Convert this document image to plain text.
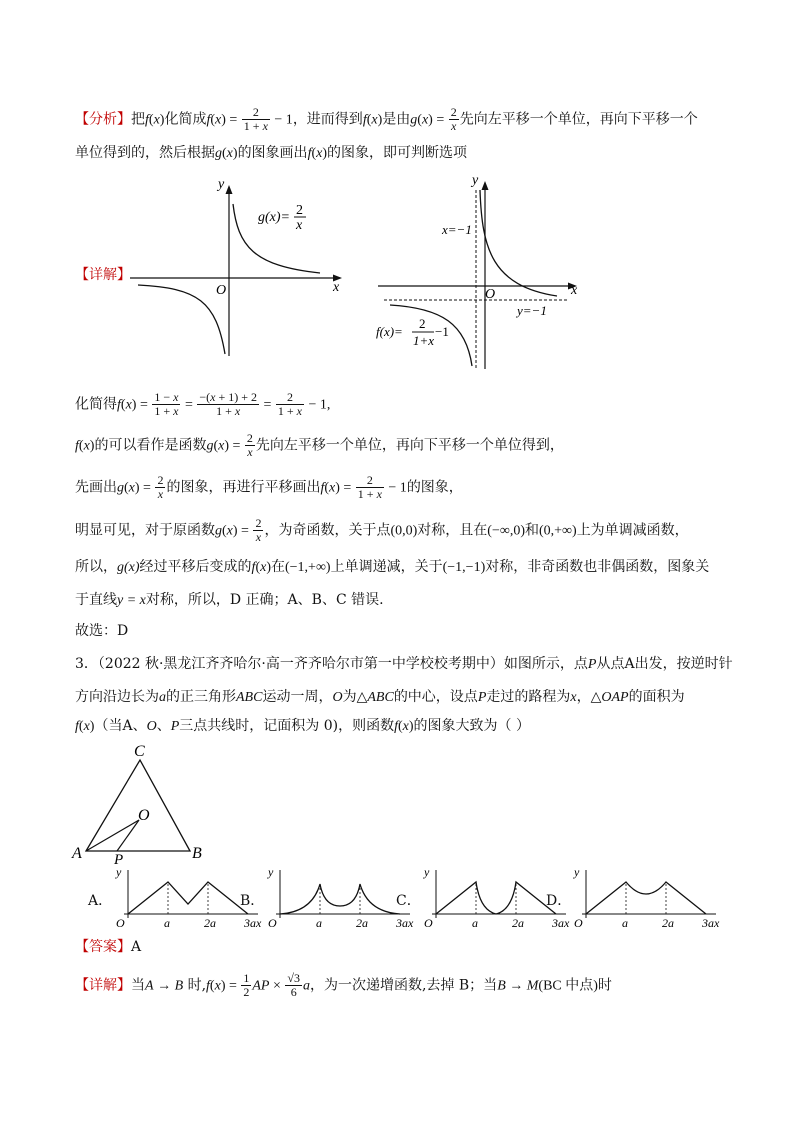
【分析】把f(x)化简成$f(x) = \frac{2}{1 + x} - 1$，进而得到f(x)是由$g(x) = \frac{2}{x}$ 先向左平移一个单位，再向下平移一个
单位得到的，然后根据g(x)的图象画出f(x)的图象，即可判断选项
【详解】
y
x
O
g(x)= 2
x
y
x
O
x=−1
y=−1
f(x)=
2
1+x
−1
化简得$f(x) = \frac{1 - x}{1 + x} = \frac{-(x + 1) + 2}{1 + x} = \frac{2}{1 + x} - 1$,
f(x)的可以看作是函数$g(x) = \frac{2}{x}$ 先向左平移一个单位，再向下平移一个单位得到，
先画出$g(x) = \frac{2}{x}$ 的图象，再进行平移画出$f(x) = \frac{2}{1 + x} - 1$的图象，
明显可见，对于原函数$g(x) = \frac{2}{x}$ ，为奇函数，关于点(0,0)对称，且在(−∞,0)和(0,+∞)上为单调减函数，
所以，g(x)经过平移后变成的f(x)在(−1,+∞)上单调递减，关于(−1,−1)对称，非奇函数也非偶函数，图象关
于直线y = x对称，所以，D 正确；A、B、C 错误.
故选：D
3．（2022 秋·黑龙江齐齐哈尔·高一齐齐哈尔市第一中学校校考期中）如图所示，点P从点A出发，按逆时针
方向沿边长为a的正三角形ABC运动一周，O为△ABC的中心，设点P走过的路程为x，△OAP的面积为
f(x)（当A、O、P三点共线时，记面积为 0)，则函数f(x)的图象大致为（ ）
C
A	B
O
P
A．
y
O	a	2a 3a x
B．
y
O	a	2a 3a x
C．
y
O	a	2a 3a x
D．
y
O	a	2a 3a x
【答案】A
【详解】当A → B 时$,f(x) = \frac{1}{2}$ AP × $\frac{√3}{6}$ a，为一次递增函数,去掉 B；当B → M(BC 中点)时
